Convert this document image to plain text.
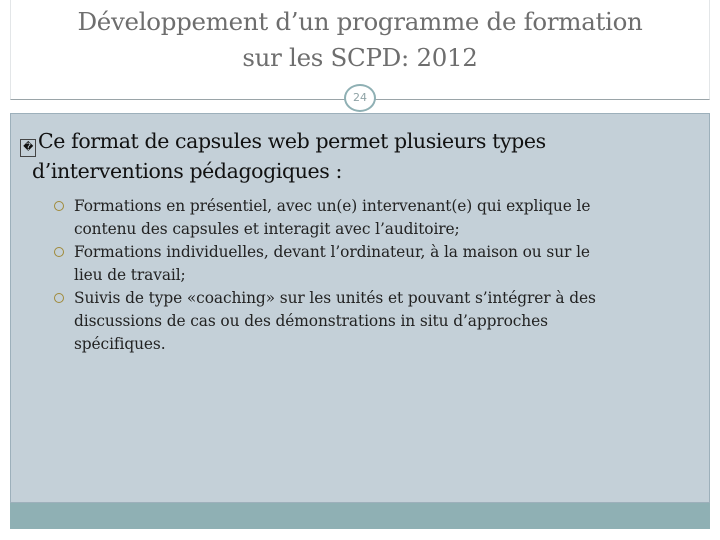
Développement d’un programme de formation
sur les SCPD: 2012
24
� Ce format de capsules web permet plusieurs types
d’interventions pédagogiques :
Formations en présentiel, avec un(e) intervenant(e) qui explique le
contenu des capsules et interagit avec l’auditoire;
Formations individuelles, devant l’ordinateur, à la maison ou sur le
lieu de travail;
Suivis de type «coaching» sur les unités et pouvant s’intégrer à des
discussions de cas ou des démonstrations in situ d’approches
spécifiques.
